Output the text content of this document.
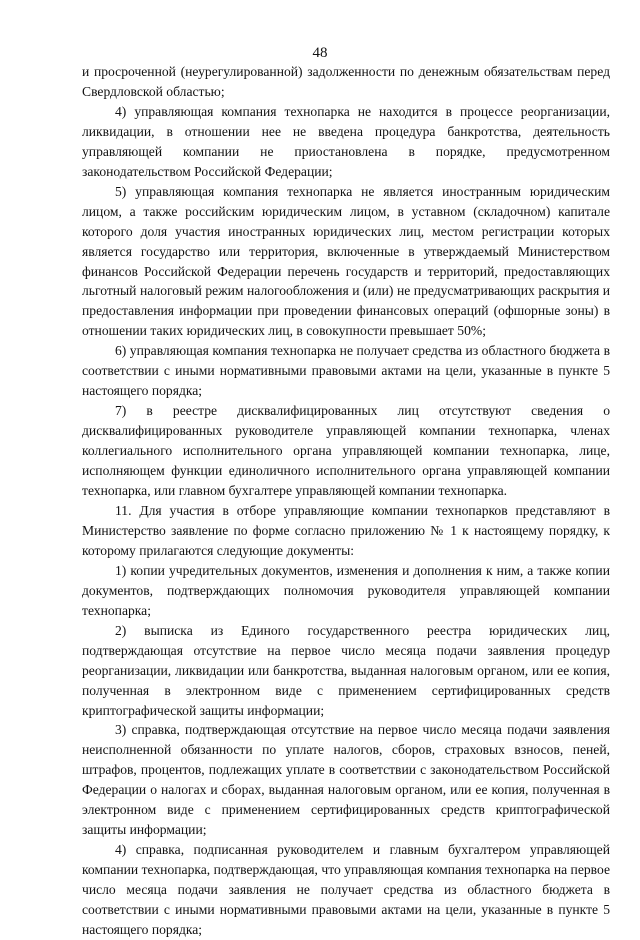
48

и просроченной (неурегулированной) задолженности по денежным обязательствам перед Свердловской областью;

4) управляющая компания технопарка не находится в процессе реорганизации, ликвидации, в отношении нее не введена процедура банкротства, деятельность управляющей компании не приостановлена в порядке, предусмотренном законодательством Российской Федерации;

5) управляющая компания технопарка не является иностранным юридическим лицом, а также российским юридическим лицом, в уставном (складочном) капитале которого доля участия иностранных юридических лиц, местом регистрации которых является государство или территория, включенные в утверждаемый Министерством финансов Российской Федерации перечень государств и территорий, предоставляющих льготный налоговый режим налогообложения и (или) не предусматривающих раскрытия и предоставления информации при проведении финансовых операций (офшорные зоны) в отношении таких юридических лиц, в совокупности превышает 50%;

6) управляющая компания технопарка не получает средства из областного бюджета в соответствии с иными нормативными правовыми актами на цели, указанные в пункте 5 настоящего порядка;

7) в реестре дисквалифицированных лиц отсутствуют сведения о дисквалифицированных руководителе управляющей компании технопарка, членах коллегиального исполнительного органа управляющей компании технопарка, лице, исполняющем функции единоличного исполнительного органа управляющей компании технопарка, или главном бухгалтере управляющей компании технопарка.

11. Для участия в отборе управляющие компании технопарков представляют в Министерство заявление по форме согласно приложению № 1 к настоящему порядку, к которому прилагаются следующие документы:

1) копии учредительных документов, изменения и дополнения к ним, а также копии документов, подтверждающих полномочия руководителя управляющей компании технопарка;

2) выписка из Единого государственного реестра юридических лиц, подтверждающая отсутствие на первое число месяца подачи заявления процедур реорганизации, ликвидации или банкротства, выданная налоговым органом, или ее копия, полученная в электронном виде с применением сертифицированных средств криптографической защиты информации;

3) справка, подтверждающая отсутствие на первое число месяца подачи заявления неисполненной обязанности по уплате налогов, сборов, страховых взносов, пеней, штрафов, процентов, подлежащих уплате в соответствии с законодательством Российской Федерации о налогах и сборах, выданная налоговым органом, или ее копия, полученная в электронном виде с применением сертифицированных средств криптографической защиты информации;

4) справка, подписанная руководителем и главным бухгалтером управляющей компании технопарка, подтверждающая, что управляющая компания технопарка на первое число месяца подачи заявления не получает средства из областного бюджета в соответствии с иными нормативными правовыми актами на цели, указанные в пункте 5 настоящего порядка;
